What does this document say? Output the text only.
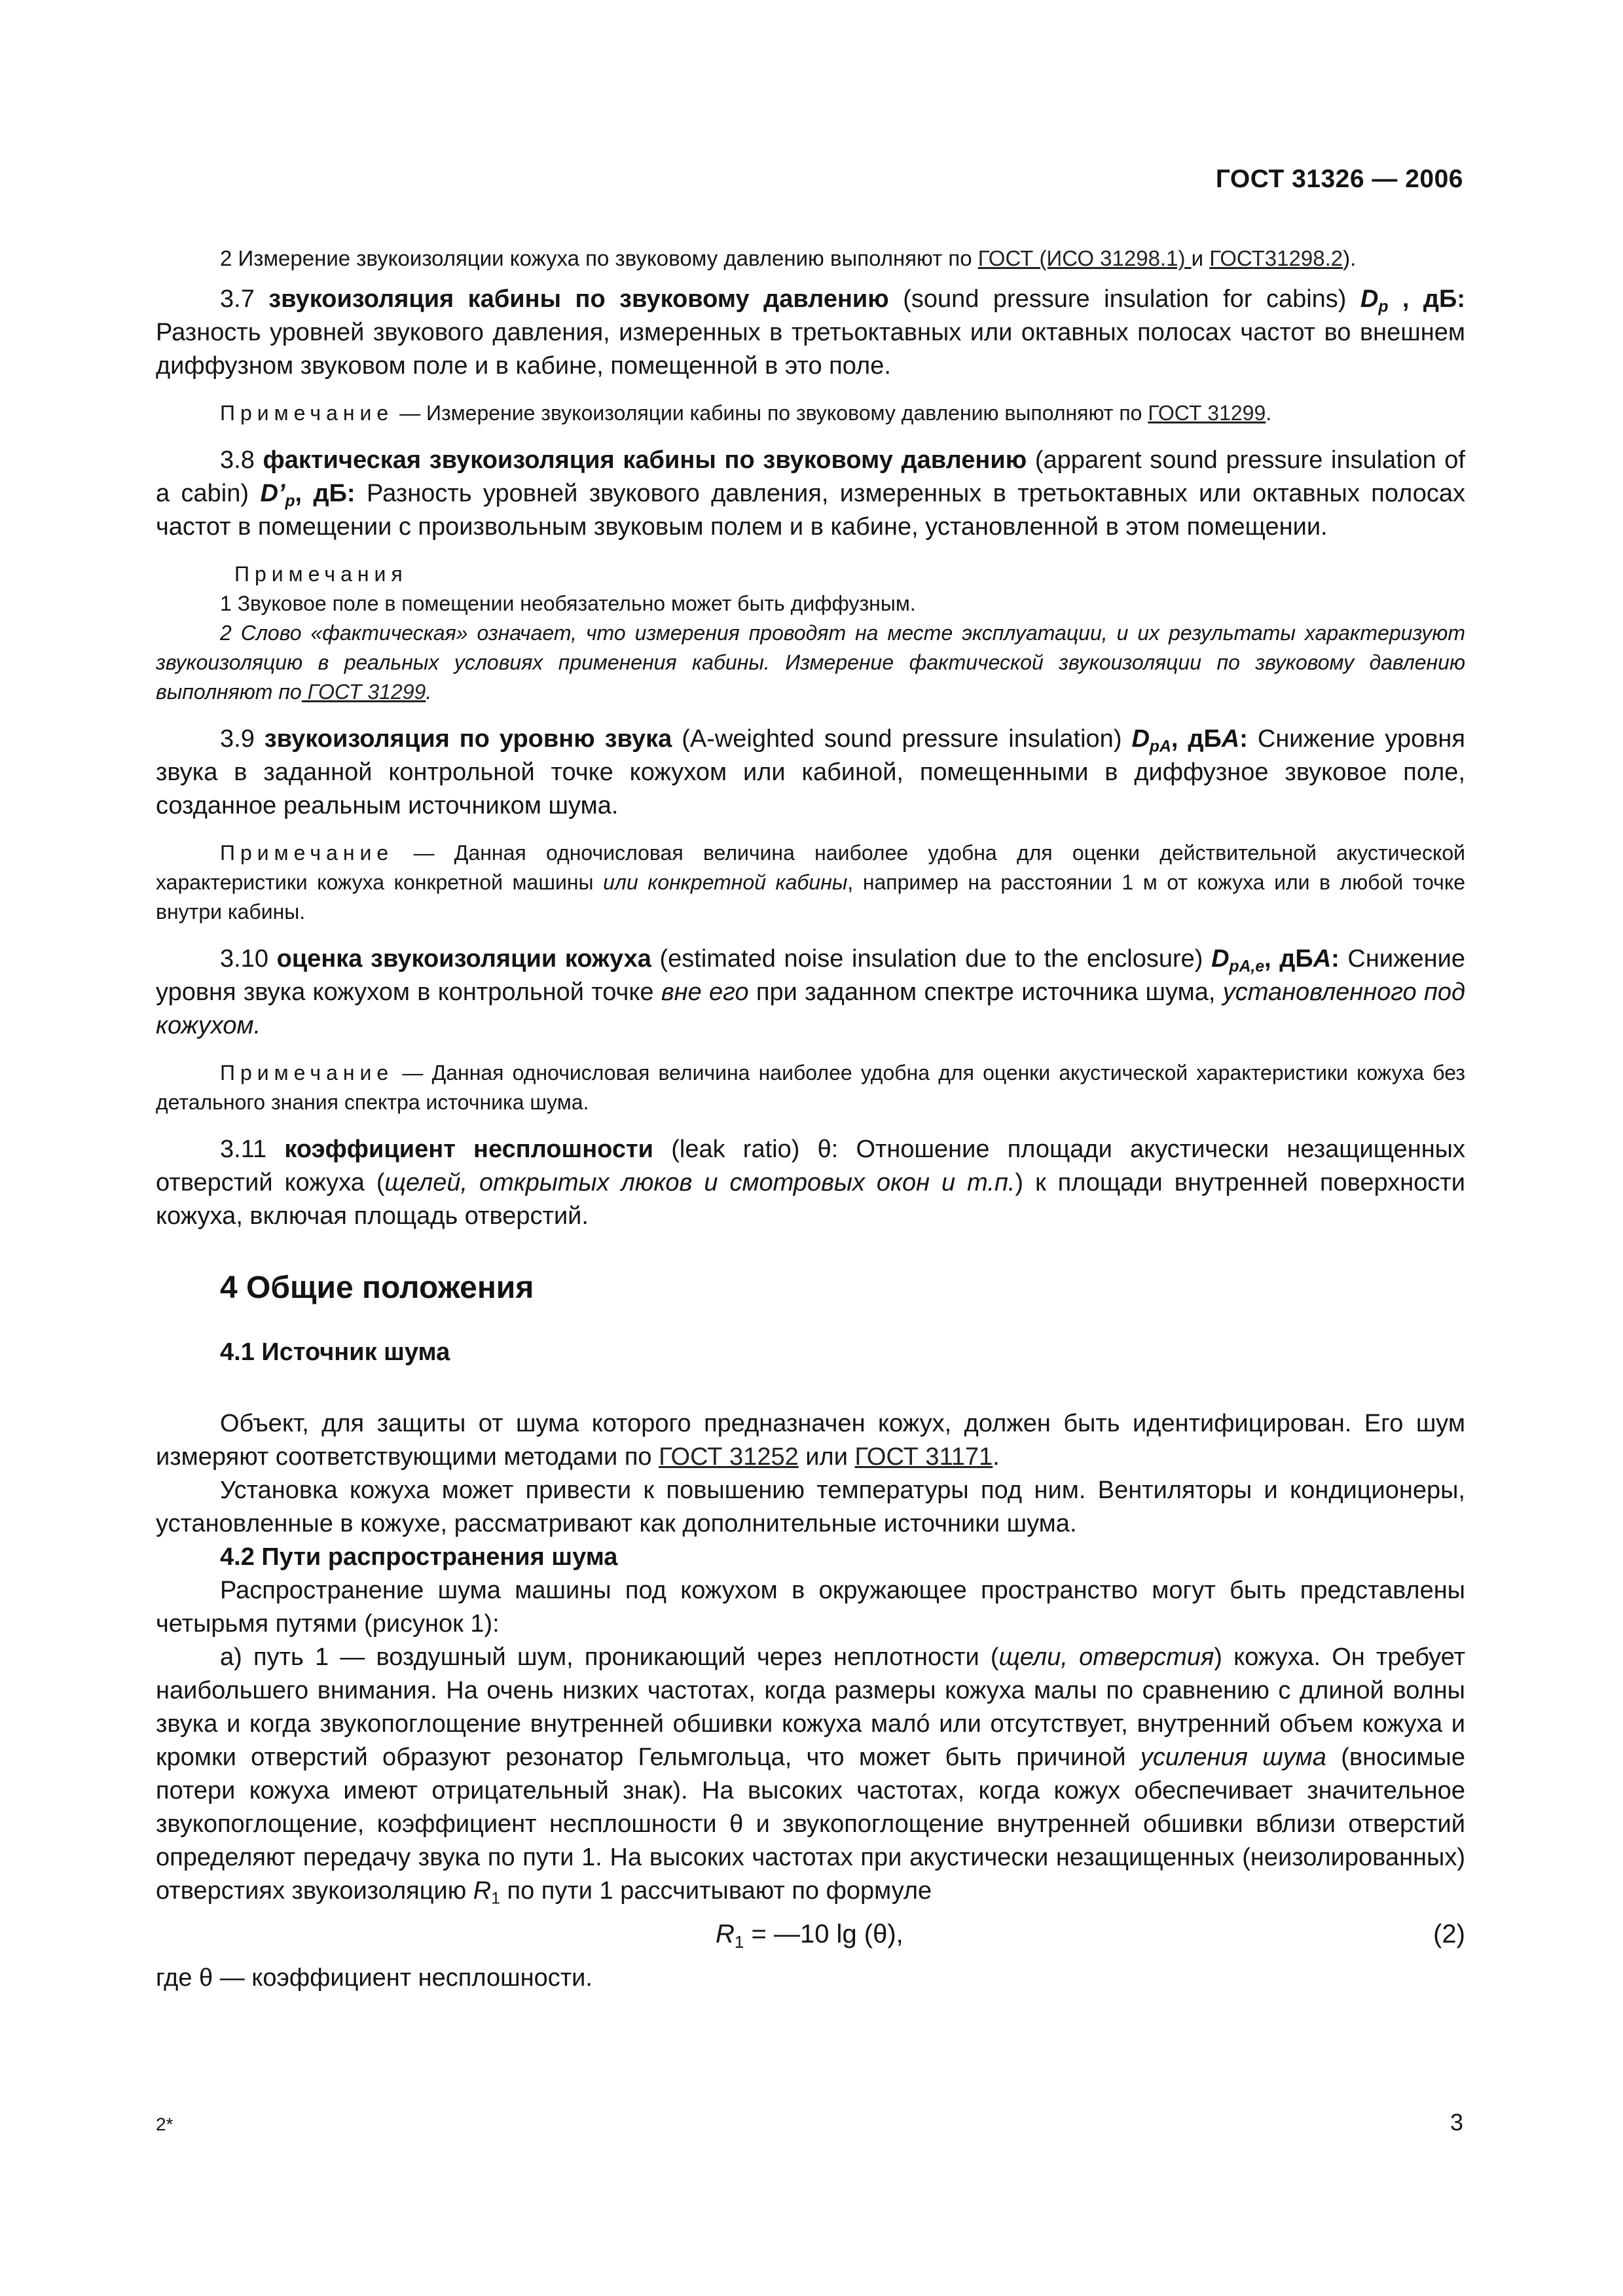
ГОСТ 31326 — 2006

2 Измерение звукоизоляции кожуха по звуковому давлению выполняют по ГОСТ (ИСО 31298.1) и ГОСТ31298.2).

3.7 звукоизоляция кабины по звуковому давлению (sound pressure insulation for cabins) $D_p$ , дБ: Разность уровней звукового давления, измеренных в третьоктавных или октавных полосах частот во внешнем диффузном звуковом поле и в кабине, помещенной в это поле.

Примечание — Измерение звукоизоляции кабины по звуковому давлению выполняют по ГОСТ 31299.

3.8 фактическая звукоизоляция кабины по звуковому давлению (apparent sound pressure insulation of a cabin) $D’_p$, дБ: Разность уровней звукового давления, измеренных в третьоктавных или октавных полосах частот в помещении с произвольным звуковым полем и в кабине, установленной в этом помещении.

Примечания

1 Звуковое поле в помещении необязательно может быть диффузным.

2 Слово «фактическая» означает, что измерения проводят на месте эксплуатации, и их результаты характеризуют звукоизоляцию в реальных условиях применения кабины. Измерение фактической звукоизоляции по звуковому давлению выполняют по ГОСТ 31299.

3.9 звукоизоляция по уровню звука (A-weighted sound pressure insulation) $D_{pA}$, дБA: Снижение уровня звука в заданной контрольной точке кожухом или кабиной, помещенными в диффузное звуковое поле, созданное реальным источником шума.

Примечание — Данная одночисловая величина наиболее удобна для оценки действительной акустической характеристики кожуха конкретной машины или конкретной кабины, например на расстоянии 1 м от кожуха или в любой точке внутри кабины.

3.10 оценка звукоизоляции кожуха (estimated noise insulation due to the enclosure) $D_{pA,e}$, дБA: Снижение уровня звука кожухом в контрольной точке вне его при заданном спектре источника шума, установленного под кожухом.

Примечание — Данная одночисловая величина наиболее удобна для оценки акустической характеристики кожуха без детального знания спектра источника шума.

3.11 коэффициент несплошности (leak ratio) θ: Отношение площади акустически незащищенных отверстий кожуха (щелей, открытых люков и смотровых окон и т.п.) к площади внутренней поверхности кожуха, включая площадь отверстий.

4 Общие положения

4.1 Источник шума

Объект, для защиты от шума которого предназначен кожух, должен быть идентифицирован. Его шум измеряют соответствующими методами по ГОСТ 31252 или ГОСТ 31171.

Установка кожуха может привести к повышению температуры под ним. Вентиляторы и кондиционеры, установленные в кожухе, рассматривают как дополнительные источники шума.

4.2 Пути распространения шума

Распространение шума машины под кожухом в окружающее пространство могут быть представлены четырьмя путями (рисунок 1):

а) путь 1 — воздушный шум, проникающий через неплотности (щели, отверстия) кожуха. Он требует наибольшего внимания. На очень низких частотах, когда размеры кожуха малы по сравнению с длиной волны звука и когда звукопоглощение внутренней обшивки кожуха малó или отсутствует, внутренний объем кожуха и кромки отверстий образуют резонатор Гельмгольца, что может быть причиной усиления шума (вносимые потери кожуха имеют отрицательный знак). На высоких частотах, когда кожух обеспечивает значительное звукопоглощение, коэффициент несплошности θ и звукопоглощение внутренней обшивки вблизи отверстий определяют передачу звука по пути 1. На высоких частотах при акустически незащищенных (неизолированных) отверстиях звукоизоляцию $R_1$ по пути 1 рассчитывают по формуле

$R_1$ = —10 lg (θ),	(2)

где θ — коэффициент несплошности.

2*	3
